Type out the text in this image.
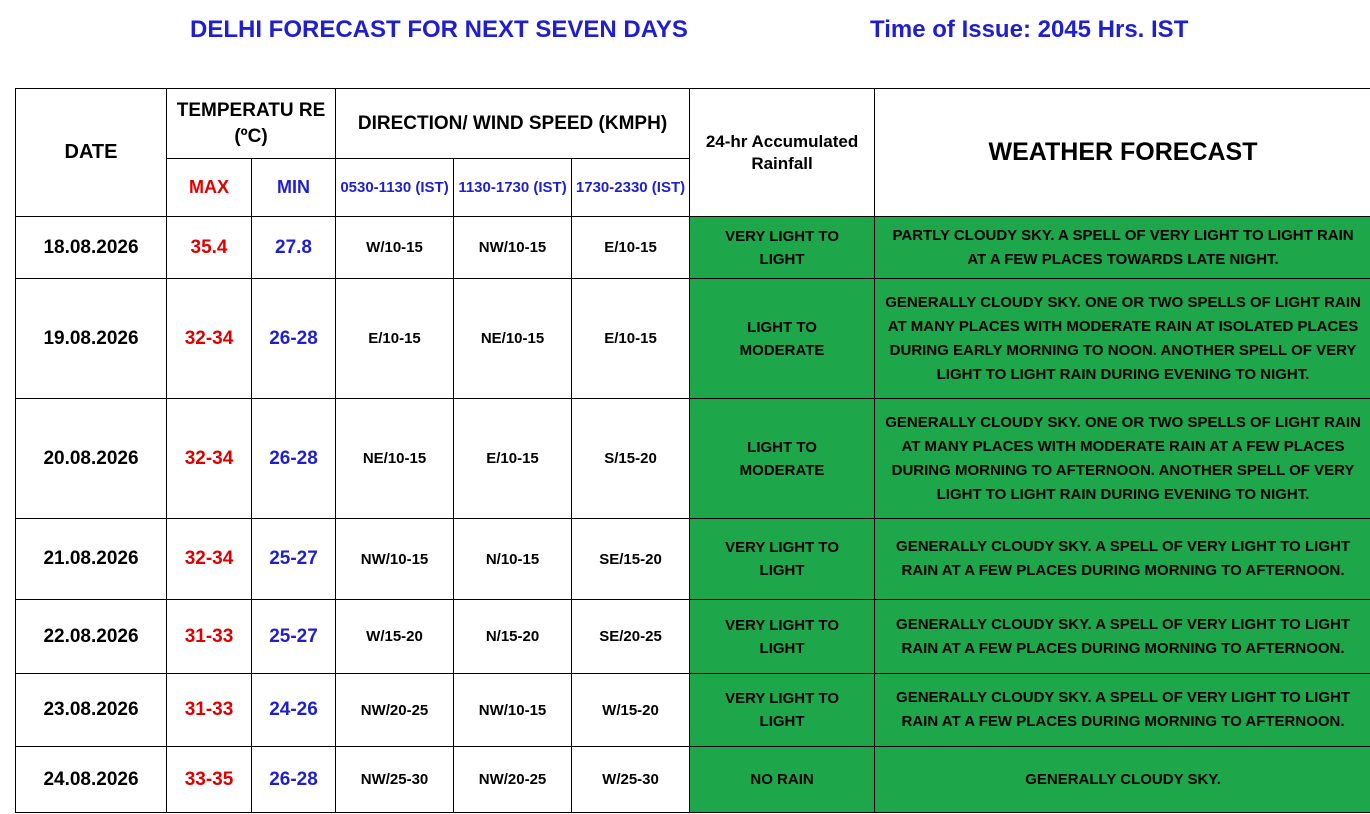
DELHI FORECAST FOR NEXT SEVEN DAYS	Time of Issue: 2045 Hrs. IST
DATE	TEMPERATU RE (ºC)		DIRECTION/ WIND SPEED (KMPH)			24-hr Accumulated Rainfall	WEATHER FORECAST
	MAX	MIN	0530-1130 (IST)	1130-1730 (IST)	1730-2330 (IST)		
18.08.2026	35.4	27.8	W/10-15	NW/10-15	E/10-15	VERY LIGHT TO LIGHT	PARTLY CLOUDY SKY. A SPELL OF VERY LIGHT TO LIGHT RAIN AT A FEW PLACES TOWARDS LATE NIGHT.
19.08.2026	32-34	26-28	E/10-15	NE/10-15	E/10-15	LIGHT TO MODERATE	GENERALLY CLOUDY SKY. ONE OR TWO SPELLS OF LIGHT RAIN AT MANY PLACES WITH MODERATE RAIN AT ISOLATED PLACES DURING EARLY MORNING TO NOON. ANOTHER SPELL OF VERY LIGHT TO LIGHT RAIN DURING EVENING TO NIGHT.
20.08.2026	32-34	26-28	NE/10-15	E/10-15	S/15-20	LIGHT TO MODERATE	GENERALLY CLOUDY SKY. ONE OR TWO SPELLS OF LIGHT RAIN AT MANY PLACES WITH MODERATE RAIN AT A FEW PLACES DURING MORNING TO AFTERNOON. ANOTHER SPELL OF VERY LIGHT TO LIGHT RAIN DURING EVENING TO NIGHT.
21.08.2026	32-34	25-27	NW/10-15	N/10-15	SE/15-20	VERY LIGHT TO LIGHT	GENERALLY CLOUDY SKY. A SPELL OF VERY LIGHT TO LIGHT RAIN AT A FEW PLACES DURING MORNING TO AFTERNOON.
22.08.2026	31-33	25-27	W/15-20	N/15-20	SE/20-25	VERY LIGHT TO LIGHT	GENERALLY CLOUDY SKY. A SPELL OF VERY LIGHT TO LIGHT RAIN AT A FEW PLACES DURING MORNING TO AFTERNOON.
23.08.2026	31-33	24-26	NW/20-25	NW/10-15	W/15-20	VERY LIGHT TO LIGHT	GENERALLY CLOUDY SKY. A SPELL OF VERY LIGHT TO LIGHT RAIN AT A FEW PLACES DURING MORNING TO AFTERNOON.
24.08.2026	33-35	26-28	NW/25-30	NW/20-25	W/25-30	NO RAIN	GENERALLY CLOUDY SKY.
